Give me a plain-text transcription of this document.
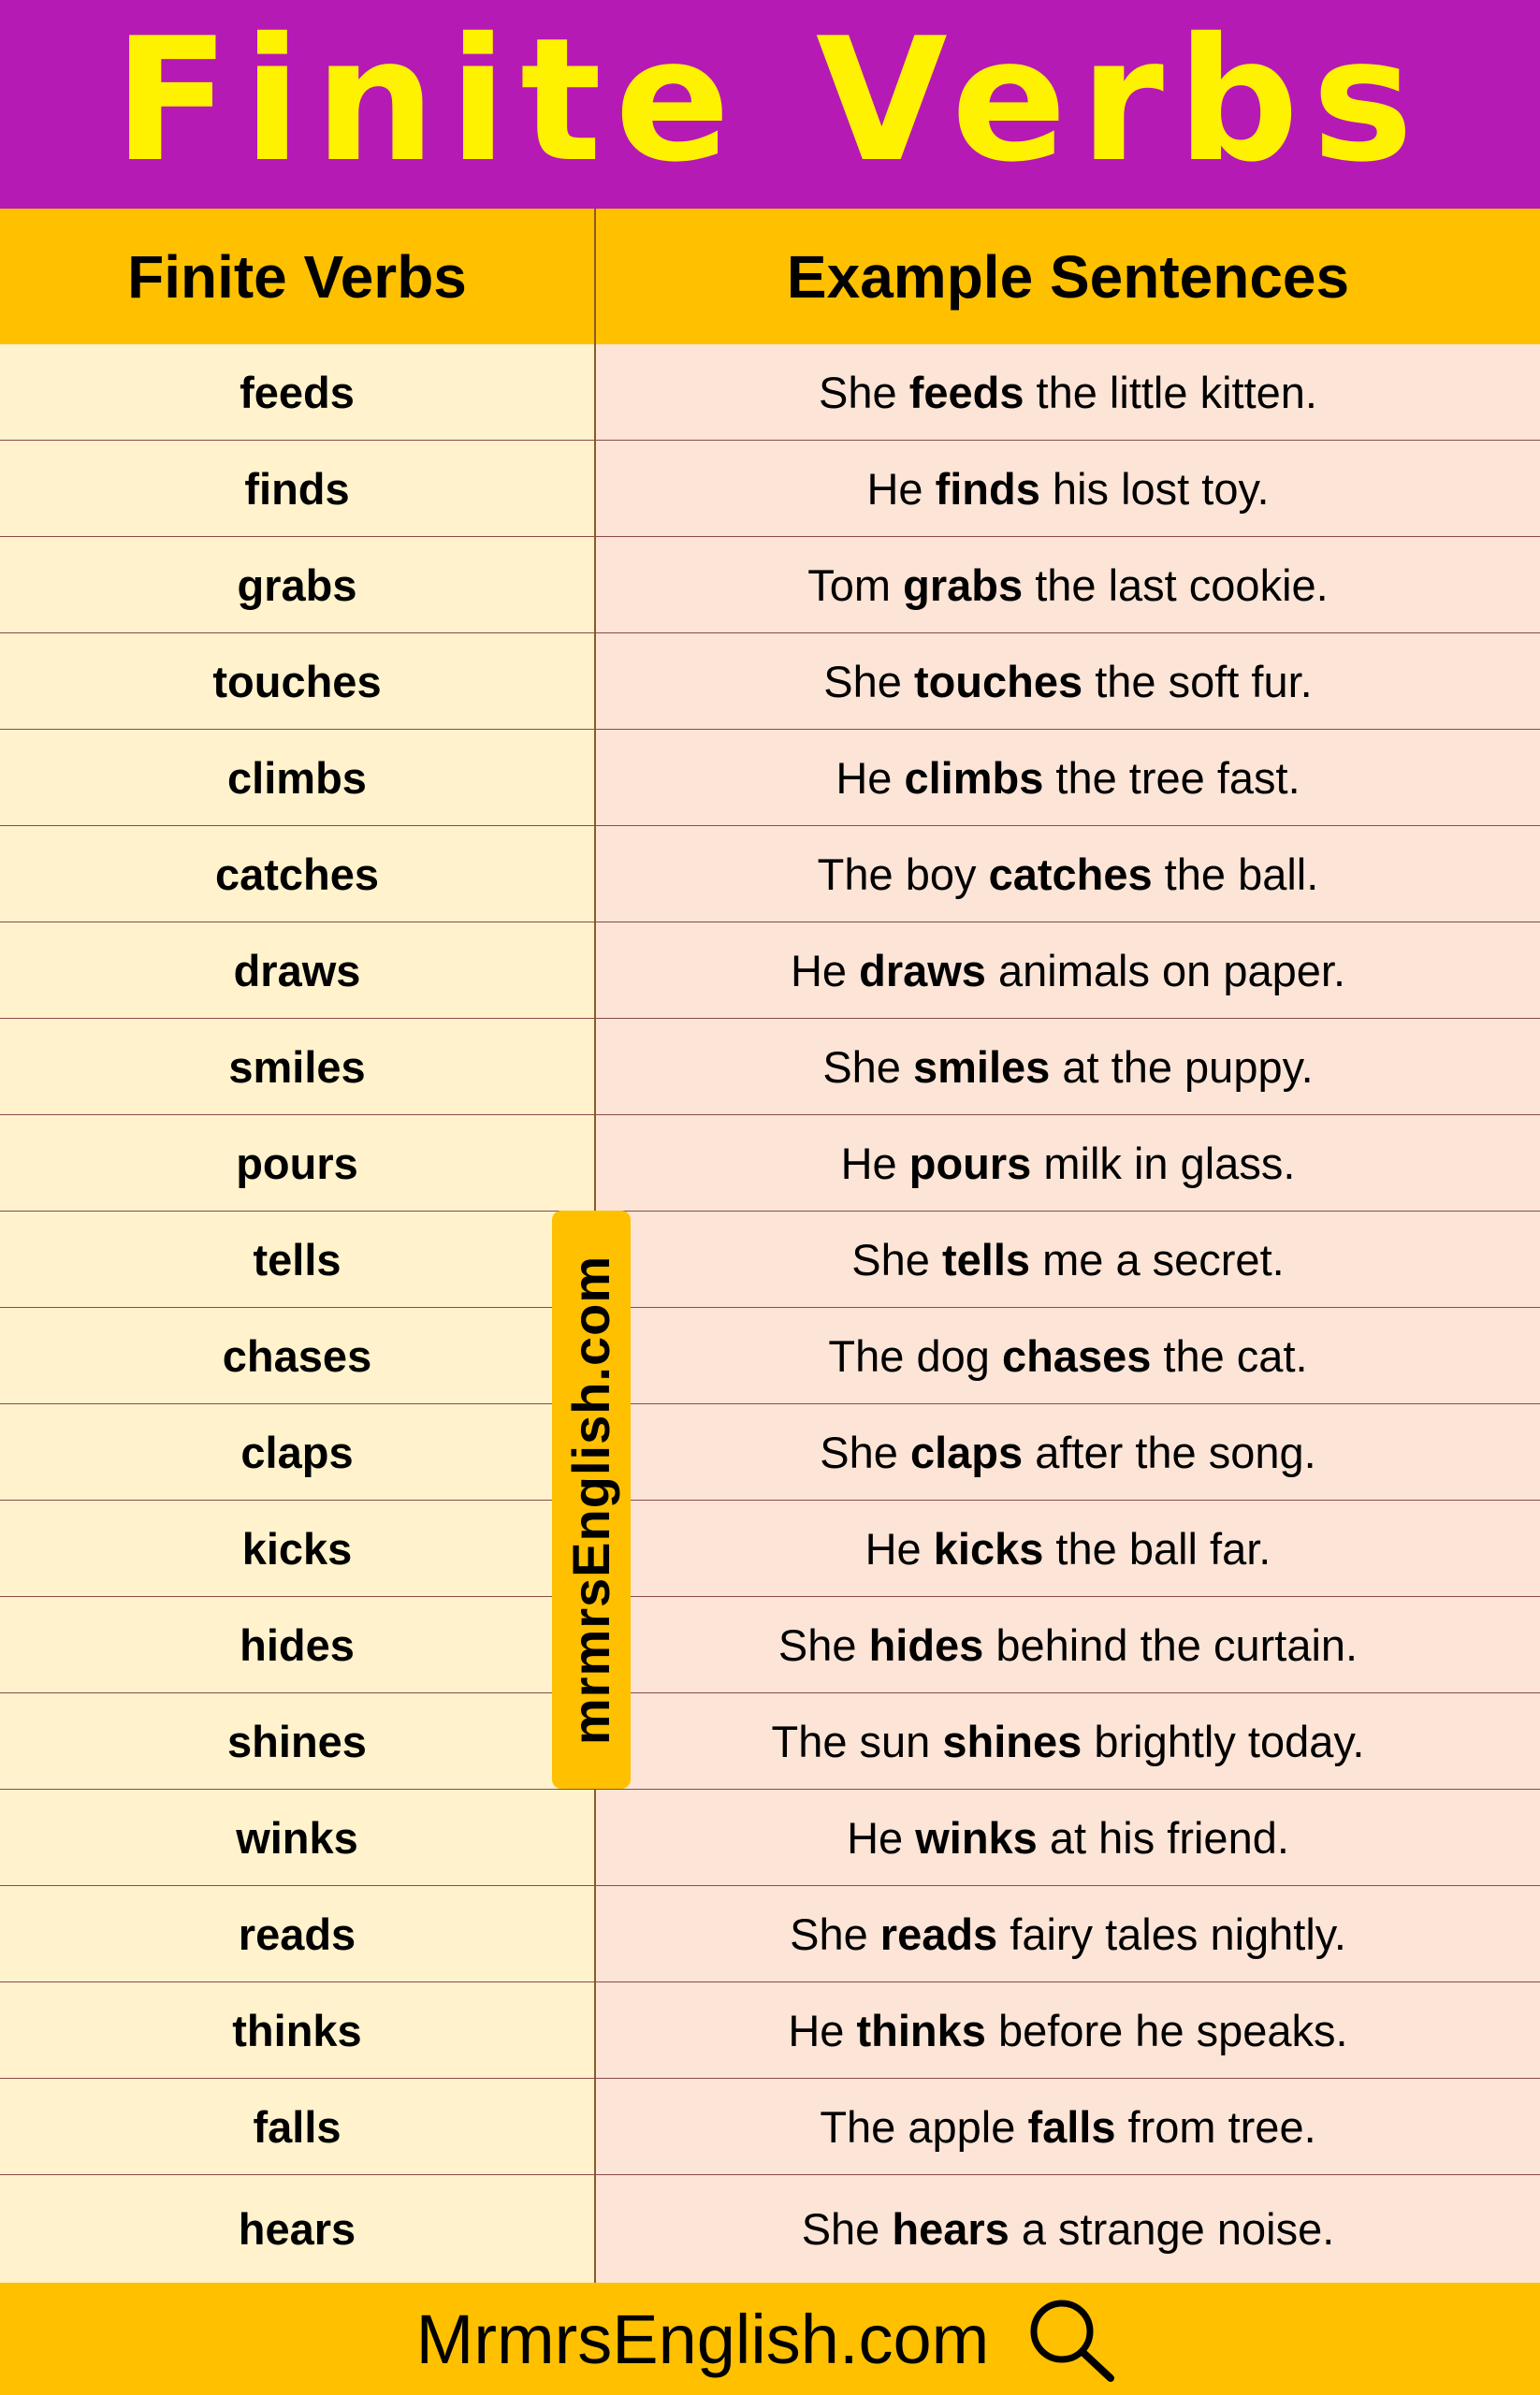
Finite Verbs
Finite Verbs	Example Sentences
feeds	She feeds the little kitten.
finds	He finds his lost toy.
grabs	Tom grabs the last cookie.
touches	She touches the soft fur.
climbs	He climbs the tree fast.
catches	The boy catches the ball.
draws	He draws animals on paper.
smiles	She smiles at the puppy.
pours	He pours milk in glass.
tells	She tells me a secret.
chases	The dog chases the cat.
claps	She claps after the song.
kicks	He kicks the ball far.
hides	She hides behind the curtain.
shines	The sun shines brightly today.
winks	He winks at his friend.
reads	She reads fairy tales nightly.
thinks	He thinks before he speaks.
falls	The apple falls from tree.
hears	She hears a strange noise.
mrmrsEnglish.com
MrmrsEnglish.com
